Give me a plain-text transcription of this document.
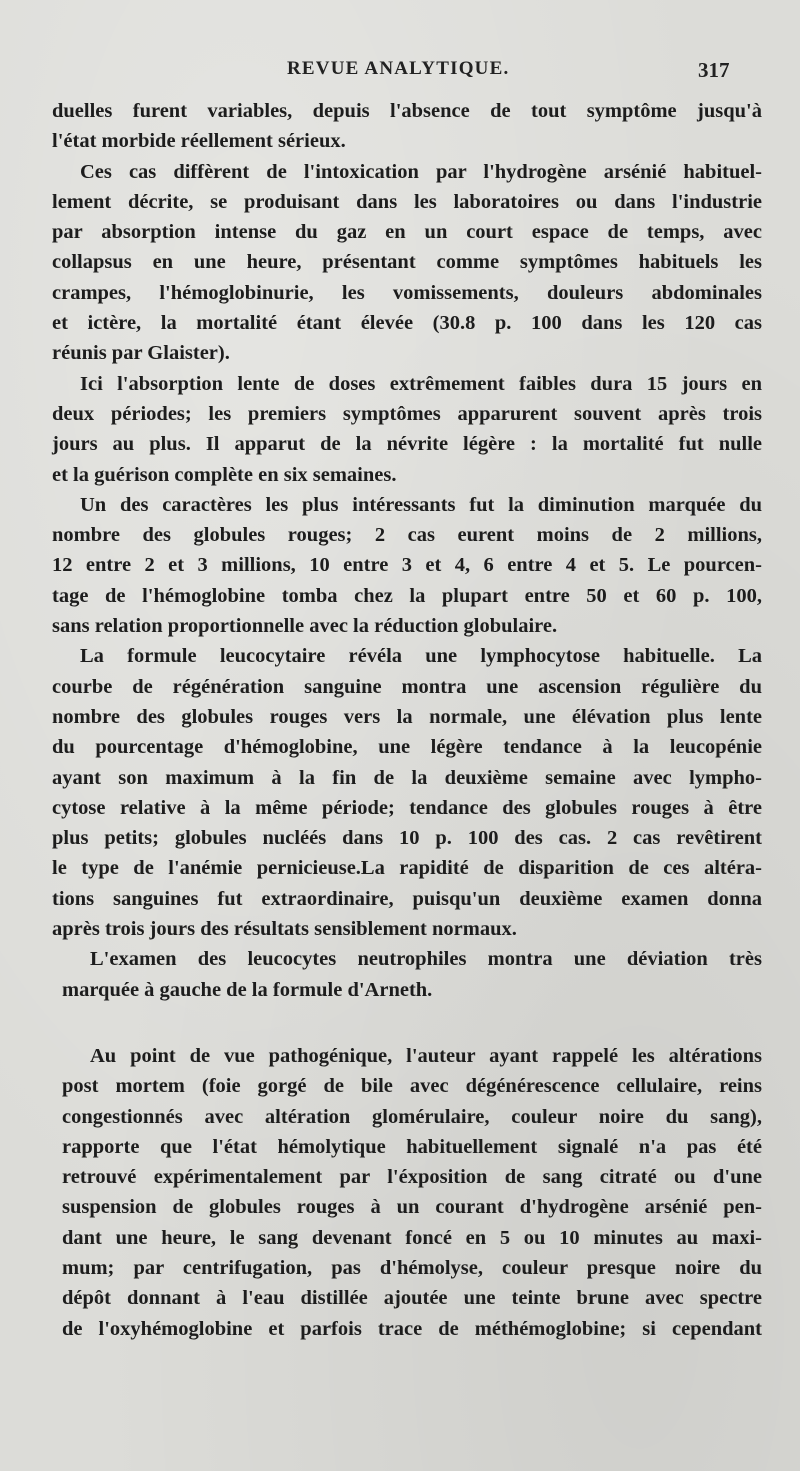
REVUE ANALYTIQUE.	317
duelles furent variables, depuis l'absence de tout symptôme jusqu'à
l'état morbide réellement sérieux.
Ces cas diffèrent de l'intoxication par l'hydrogène arsénié habituel-
lement décrite, se produisant dans les laboratoires ou dans l'industrie
par absorption intense du gaz en un court espace de temps, avec
collapsus en une heure, présentant comme symptômes habituels les
crampes, l'hémoglobinurie, les vomissements, douleurs abdominales
et ictère, la mortalité étant élevée (30.8 p. 100 dans les 120 cas
réunis par Glaister).
Ici l'absorption lente de doses extrêmement faibles dura 15 jours en
deux périodes; les premiers symptômes apparurent souvent après trois
jours au plus. Il apparut de la névrite légère : la mortalité fut nulle
et la guérison complète en six semaines.
Un des caractères les plus intéressants fut la diminution marquée du
nombre des globules rouges; 2 cas eurent moins de 2 millions,
12 entre 2 et 3 millions, 10 entre 3 et 4, 6 entre 4 et 5. Le pourcen-
tage de l'hémoglobine tomba chez la plupart entre 50 et 60 p. 100,
sans relation proportionnelle avec la réduction globulaire.
La formule leucocytaire révéla une lymphocytose habituelle. La
courbe de régénération sanguine montra une ascension régulière du
nombre des globules rouges vers la normale, une élévation plus lente
du pourcentage d'hémoglobine, une légère tendance à la leucopénie
ayant son maximum à la fin de la deuxième semaine avec lympho-
cytose relative à la même période; tendance des globules rouges à être
plus petits; globules nucléés dans 10 p. 100 des cas. 2 cas revêtirent
le type de l'anémie pernicieuse.La rapidité de disparition de ces altéra-
tions sanguines fut extraordinaire, puisqu'un deuxième examen donna
après trois jours des résultats sensiblement normaux.
L'examen des leucocytes neutrophiles montra une déviation très
marquée à gauche de la formule d'Arneth.
Au point de vue pathogénique, l'auteur ayant rappelé les altérations
post mortem (foie gorgé de bile avec dégénérescence cellulaire, reins
congestionnés avec altération glomérulaire, couleur noire du sang),
rapporte que l'état hémolytique habituellement signalé n'a pas été
retrouvé expérimentalement par l'éxposition de sang citraté ou d'une
suspension de globules rouges à un courant d'hydrogène arsénié pen-
dant une heure, le sang devenant foncé en 5 ou 10 minutes au maxi-
mum; par centrifugation, pas d'hémolyse, couleur presque noire du
dépôt donnant à l'eau distillée ajoutée une teinte brune avec spectre
de l'oxyhémoglobine et parfois trace de méthémoglobine; si cependant
